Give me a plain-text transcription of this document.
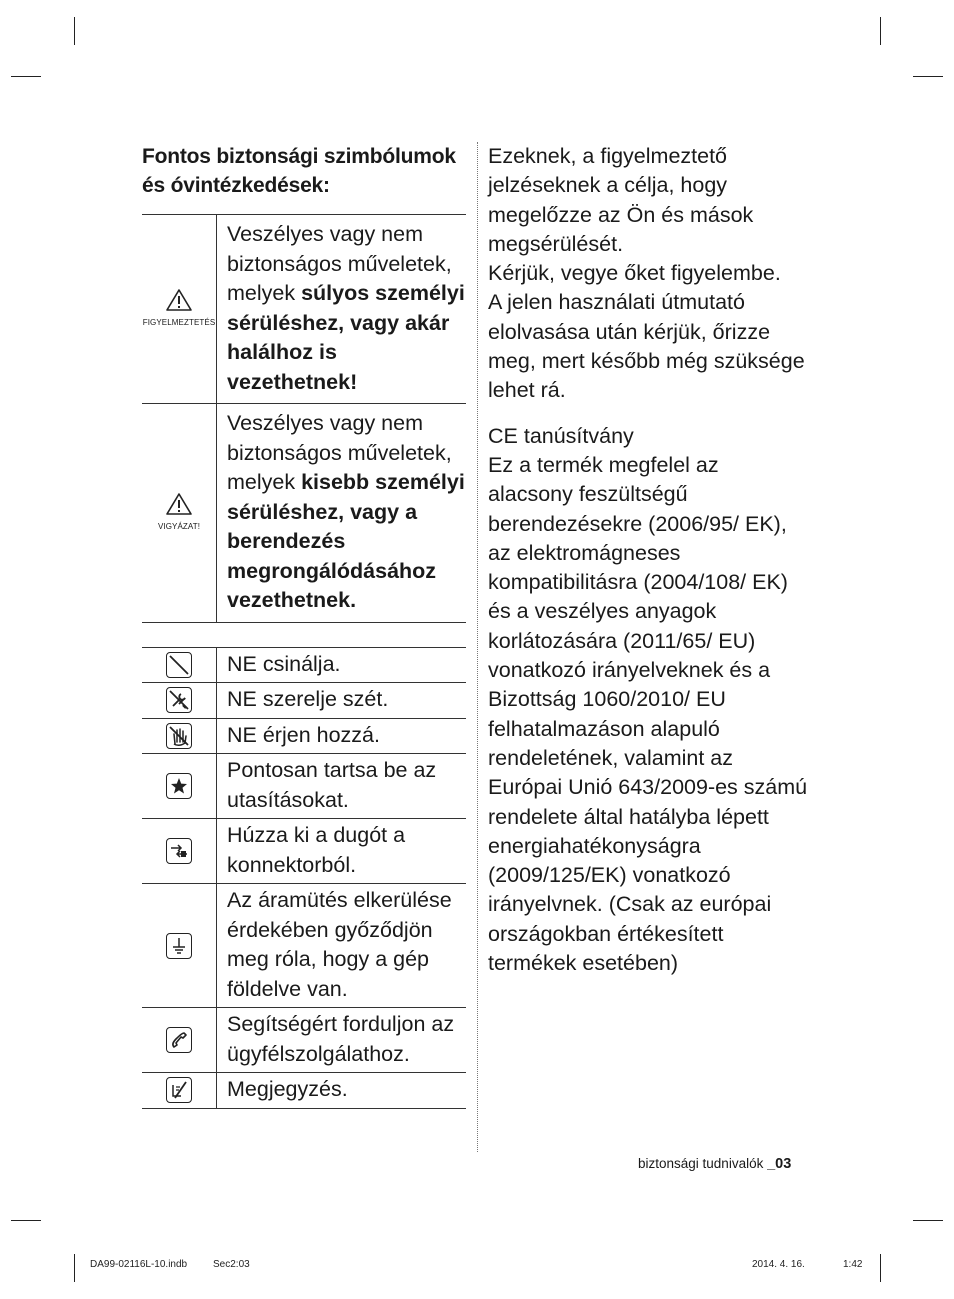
Fontos biztonsági szimbólumok és óvintézkedések:

FIGYELMEZTETÉS	Veszélyes vagy nem biztonságos műveletek, melyek súlyos személyi sérüléshez, vagy akár halálhoz is vezethetnek!

VIGYÁZAT!	Veszélyes vagy nem biztonságos műveletek, melyek kisebb személyi sérüléshez, vagy a berendezés megrongálódásához vezethetnek.
	NE csinálja.

	NE szerelje szét.

	NE érjen hozzá.

	Pontosan tartsa be az utasításokat.

	Húzza ki a dugót a konnektorból.

	Az áramütés elkerülése érdekében győződjön meg róla, hogy a gép földelve van.

	Segítségért forduljon az ügyfélszolgálathoz.

	Megjegyzés.

Ezeknek, a figyelmeztető jelzéseknek a célja, hogy megelőzze az Ön és mások megsérülését.

Kérjük, vegye őket figyelembe.

A jelen használati útmutató elolvasása után kérjük, őrizze meg, mert később még szüksége lehet rá.

CE tanúsítvány

Ez a termék megfelel az alacsony feszültségű berendezésekre (2006/95/ EK), az elektromágneses kompatibilitásra (2004/108/ EK) és a veszélyes anyagok korlátozására (2011/65/ EU) vonatkozó irányelveknek és a Bizottság 1060/2010/ EU felhatalmazáson alapuló rendeletének, valamint az Európai Unió 643/2009-es számú rendelete által hatályba lépett energiahatékonyságra (2009/125/EK) vonatkozó irányelvnek. (Csak az európai országokban értékesített termékek esetében)

biztonsági tudnivalók _03
DA99-02116L-10.indb	Sec2:03	2014. 4. 16.	1:42
